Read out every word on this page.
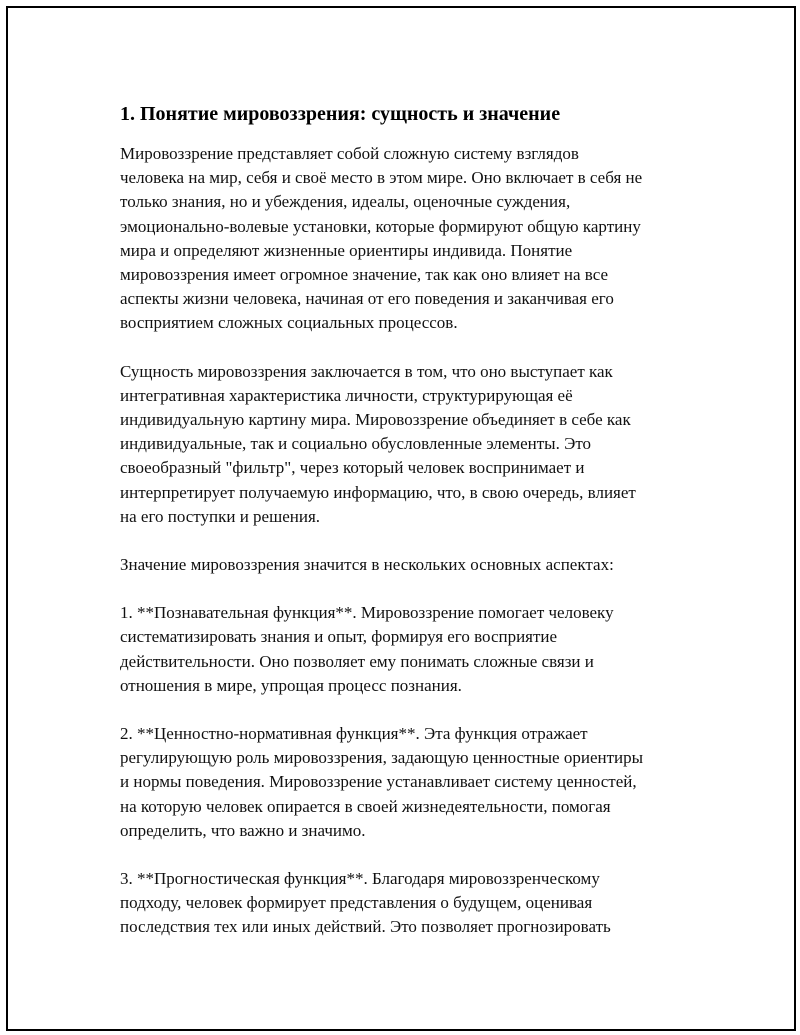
1. Понятие мировоззрения: сущность и значение

Мировоззрение представляет собой сложную систему взглядов
человека на мир, себя и своё место в этом мире. Оно включает в себя не
только знания, но и убеждения, идеалы, оценочные суждения,
эмоционально-волевые установки, которые формируют общую картину
мира и определяют жизненные ориентиры индивида. Понятие
мировоззрения имеет огромное значение, так как оно влияет на все
аспекты жизни человека, начиная от его поведения и заканчивая его
восприятием сложных социальных процессов.

Сущность мировоззрения заключается в том, что оно выступает как
интегративная характеристика личности, структурирующая её
индивидуальную картину мира. Мировоззрение объединяет в себе как
индивидуальные, так и социально обусловленные элементы. Это
своеобразный "фильтр", через который человек воспринимает и
интерпретирует получаемую информацию, что, в свою очередь, влияет
на его поступки и решения.

Значение мировоззрения значится в нескольких основных аспектах:

1. **Познавательная функция**. Мировоззрение помогает человеку
систематизировать знания и опыт, формируя его восприятие
действительности. Оно позволяет ему понимать сложные связи и
отношения в мире, упрощая процесс познания.

2. **Ценностно-нормативная функция**. Эта функция отражает
регулирующую роль мировоззрения, задающую ценностные ориентиры
и нормы поведения. Мировоззрение устанавливает систему ценностей,
на которую человек опирается в своей жизнедеятельности, помогая
определить, что важно и значимо.

3. **Прогностическая функция**. Благодаря мировоззренческому
подходу, человек формирует представления о будущем, оценивая
последствия тех или иных действий. Это позволяет прогнозировать
